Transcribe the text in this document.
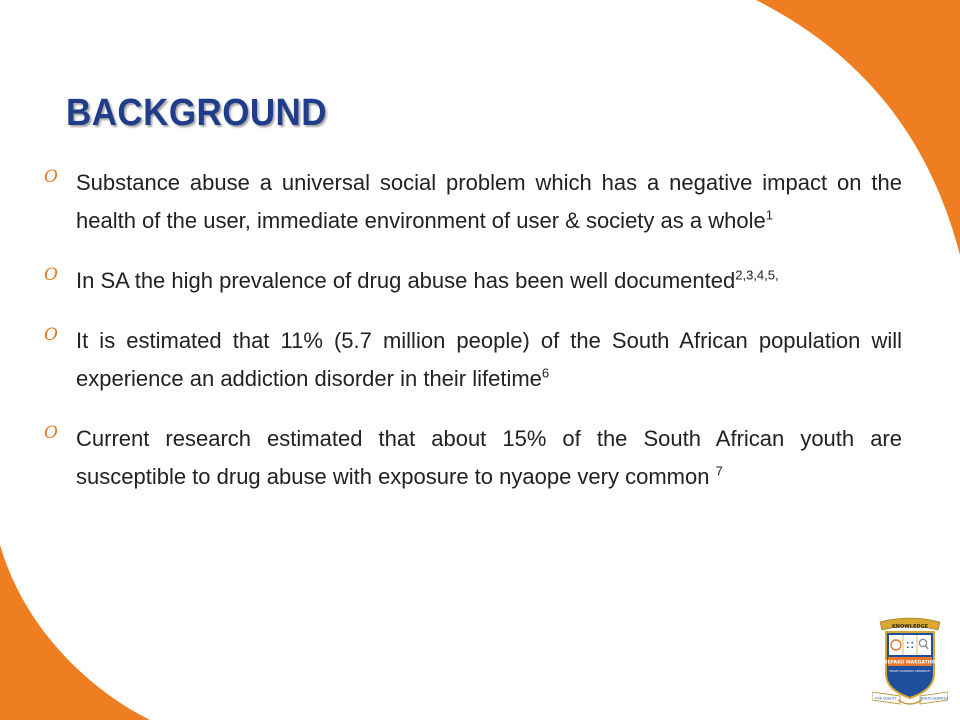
BACKGROUND
O Substance abuse a universal social problem which has a negative impact on the health of the user, immediate environment of user & society as a whole$^1$
O In SA the high prevalence of drug abuse has been well documented$^{2,3,4,5,}$
O It is estimated that 11% (5.7 million people) of the South African population will experience an addiction disorder in their lifetime$^6$
O Current research estimated that about 15% of the South African youth are susceptible to drug abuse with exposure to nyaope very common $^7$
KNOWLEDGE
SEFAKO MAKGATHO
HEALTH SCIENCES UNIVERSITY
FOR QUALITY	HEALTH SERVICES
